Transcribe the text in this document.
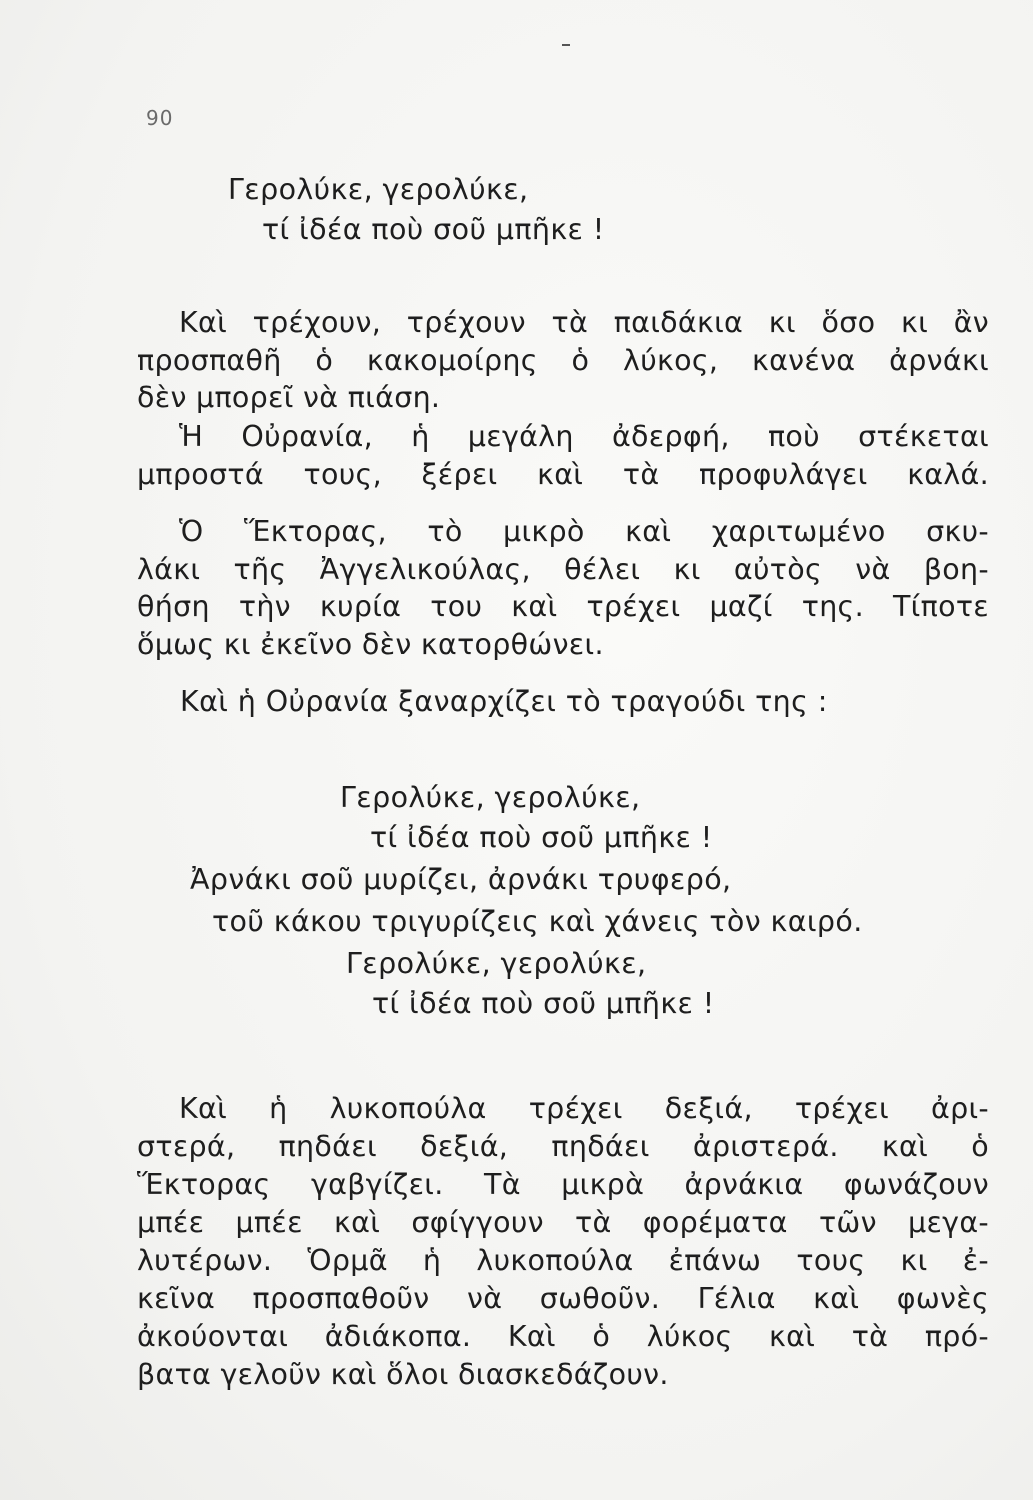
90
Γερολύκε, γερολύκε,
τί ἰδέα ποὺ σοῦ μπῆκε !
Καὶ τρέχουν, τρέχουν τὰ παιδάκια κι ὅσο κι ἂν
προσπαθῆ ὁ κακομοίρης ὁ λύκος, κανένα ἀρνάκι
δὲν μπορεῖ νὰ πιάση.
Ἡ Οὐρανία, ἡ μεγάλη ἀδερφή, ποὺ στέκεται
μπροστά τους, ξέρει καὶ τὰ προφυλάγει καλά.
Ὁ Ἕκτορας, τὸ μικρὸ καὶ χαριτωμένο σκυ-
λάκι τῆς Ἀγγελικούλας, θέλει κι αὐτὸς νὰ βοη-
θήση τὴν κυρία του καὶ τρέχει μαζί της. Τίποτε
ὅμως κι ἐκεῖνο δὲν κατορθώνει.
Καὶ ἡ Οὐρανία ξαναρχίζει τὸ τραγούδι της :
Γερολύκε, γερολύκε,
τί ἰδέα ποὺ σοῦ μπῆκε !
Ἀρνάκι σοῦ μυρίζει, ἀρνάκι τρυφερό,
τοῦ κάκου τριγυρίζεις καὶ χάνεις τὸν καιρό.
Γερολύκε, γερολύκε,
τί ἰδέα ποὺ σοῦ μπῆκε !
Καὶ ἡ λυκοπούλα τρέχει δεξιά, τρέχει ἀρι-
στερά, πηδάει δεξιά, πηδάει ἀριστερά. καὶ ὁ
Ἕκτορας γαβγίζει. Τὰ μικρὰ ἀρνάκια φωνάζουν
μπέε μπέε καὶ σφίγγουν τὰ φορέματα τῶν μεγα-
λυτέρων. Ὁρμᾶ ἡ λυκοπούλα ἐπάνω τους κι ἐ-
κεῖνα προσπαθοῦν νὰ σωθοῦν. Γέλια καὶ φωνὲς
ἀκούονται ἀδιάκοπα. Καὶ ὁ λύκος καὶ τὰ πρό-
βατα γελοῦν καὶ ὅλοι διασκεδάζουν.
